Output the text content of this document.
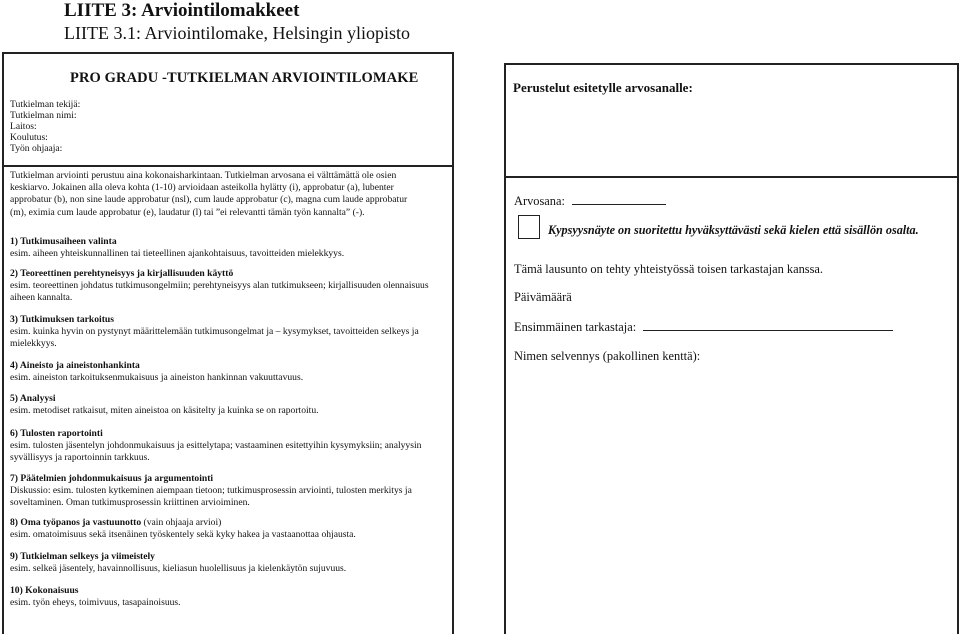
LIITE 3: Arviointilomakkeet
LIITE 3.1: Arviointilomake, Helsingin yliopisto
PRO GRADU -TUTKIELMAN ARVIOINTILOMAKE
Tutkielman tekijä:
Tutkielman nimi:
Laitos:
Koulutus:
Työn ohjaaja:
Tutkielman arviointi perustuu aina kokonaisharkintaan. Tutkielman arvosana ei välttämättä ole osien
keskiarvo. Jokainen alla oleva kohta (1-10) arvioidaan asteikolla hylätty (i), approbatur (a), lubenter
approbatur (b), non sine laude approbatur (nsl), cum laude approbatur (c), magna cum laude approbatur
(m), eximia cum laude approbatur (e), laudatur (l) tai ”ei relevantti tämän työn kannalta” (-).
1) Tutkimusaiheen valinta
esim. aiheen yhteiskunnallinen tai tieteellinen ajankohtaisuus, tavoitteiden mielekkyys.
2) Teoreettinen perehtyneisyys ja kirjallisuuden käyttö
esim. teoreettinen johdatus tutkimusongelmiin; perehtyneisyys alan tutkimukseen; kirjallisuuden olennaisuus
aiheen kannalta.
3) Tutkimuksen tarkoitus
esim. kuinka hyvin on pystynyt määrittelemään tutkimusongelmat ja – kysymykset, tavoitteiden selkeys ja
mielekkyys.
4) Aineisto ja aineistonhankinta
esim. aineiston tarkoituksenmukaisuus ja aineiston hankinnan vakuuttavuus.
5) Analyysi
esim. metodiset ratkaisut, miten aineistoa on käsitelty ja kuinka se on raportoitu.
6) Tulosten raportointi
esim. tulosten jäsentelyn johdonmukaisuus ja esittelytapa; vastaaminen esitettyihin kysymyksiin; analyysin
syvällisyys ja raportoinnin tarkkuus.
7) Päätelmien johdonmukaisuus ja argumentointi
Diskussio: esim. tulosten kytkeminen aiempaan tietoon; tutkimusprosessin arviointi, tulosten merkitys ja
soveltaminen. Oman tutkimusprosessin kriittinen arvioiminen.
8) Oma työpanos ja vastuunotto (vain ohjaaja arvioi)
esim. omatoimisuus sekä itsenäinen työskentely sekä kyky hakea ja vastaanottaa ohjausta.
9) Tutkielman selkeys ja viimeistely
esim. selkeä jäsentely, havainnollisuus, kieliasun huolellisuus ja kielenkäytön sujuvuus.
10) Kokonaisuus
esim. työn eheys, toimivuus, tasapainoisuus.
Perustelut esitetylle arvosanalle:
Arvosana:
Kypsyysnäyte on suoritettu hyväksyttävästi sekä kielen että sisällön osalta.
Tämä lausunto on tehty yhteistyössä toisen tarkastajan kanssa.
Päivämäärä
Ensimmäinen tarkastaja:
Nimen selvennys (pakollinen kenttä):
